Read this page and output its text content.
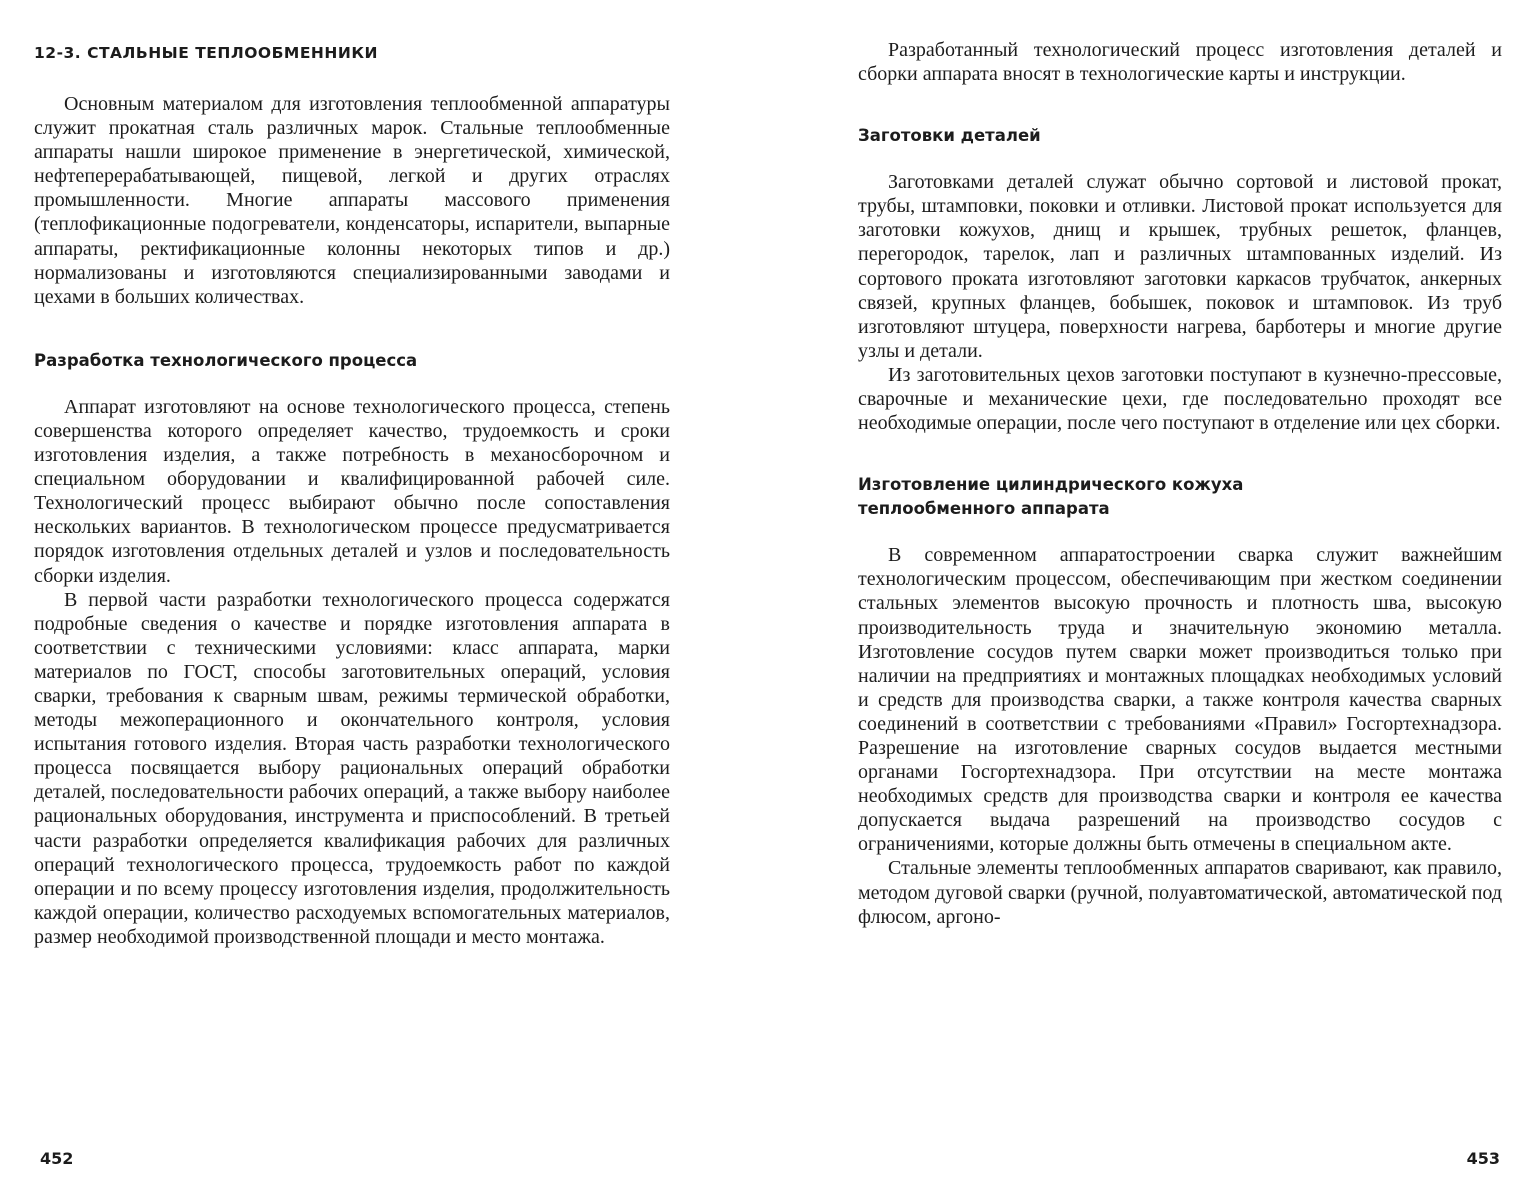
12-3. СТАЛЬНЫЕ ТЕПЛООБМЕННИКИ

Основным материалом для изготовления теплообменной аппаратуры служит прокатная сталь различных марок. Стальные теплообменные аппараты нашли широкое применение в энергетической, химической, нефтеперерабатывающей, пищевой, легкой и других отраслях промышленности. Многие аппараты массового применения (теплофикационные подогреватели, конденсаторы, испарители, выпарные аппараты, ректификационные колонны некоторых типов и др.) нормализованы и изготовляются специализированными заводами и цехами в больших количествах.

Разработка технологического процесса

Аппарат изготовляют на основе технологического процесса, степень совершенства которого определяет качество, трудоемкость и сроки изготовления изделия, а также потребность в механосборочном и специальном оборудовании и квалифицированной рабочей силе. Технологический процесс выбирают обычно после сопоставления нескольких вариантов. В технологическом процессе предусматривается порядок изготовления отдельных деталей и узлов и последовательность сборки изделия.

В первой части разработки технологического процесса содержатся подробные сведения о качестве и порядке изготовления аппарата в соответствии с техническими условиями: класс аппарата, марки материалов по ГОСТ, способы заготовительных операций, условия сварки, требования к сварным швам, режимы термической обработки, методы межоперационного и окончательного контроля, условия испытания готового изделия. Вторая часть разработки технологического процесса посвящается выбору рациональных операций обработки деталей, последовательности рабочих операций, а также выбору наиболее рациональных оборудования, инструмента и приспособлений. В третьей части разработки определяется квалификация рабочих для различных операций технологического процесса, трудоемкость работ по каждой операции и по всему процессу изготовления изделия, продолжительность каждой операции, количество расходуемых вспомогательных материалов, размер необходимой производственной площади и место монтажа.

452

Разработанный технологический процесс изготовления деталей и сборки аппарата вносят в технологические карты и инструкции.

Заготовки деталей

Заготовками деталей служат обычно сортовой и листовой прокат, трубы, штамповки, поковки и отливки. Листовой прокат используется для заготовки кожухов, днищ и крышек, трубных решеток, фланцев, перегородок, тарелок, лап и различных штампованных изделий. Из сортового проката изготовляют заготовки каркасов трубчаток, анкерных связей, крупных фланцев, бобышек, поковок и штамповок. Из труб изготовляют штуцера, поверхности нагрева, барботеры и многие другие узлы и детали.

Из заготовительных цехов заготовки поступают в кузнечно-прессовые, сварочные и механические цехи, где последовательно проходят все необходимые операции, после чего поступают в отделение или цех сборки.

Изготовление цилиндрического кожуха
теплообменного аппарата

В современном аппаратостроении сварка служит важнейшим технологическим процессом, обеспечивающим при жестком соединении стальных элементов высокую прочность и плотность шва, высокую производительность труда и значительную экономию металла. Изготовление сосудов путем сварки может производиться только при наличии на предприятиях и монтажных площадках необходимых условий и средств для производства сварки, а также контроля качества сварных соединений в соответствии с требованиями «Правил» Госгортехнадзора. Разрешение на изготовление сварных сосудов выдается местными органами Госгортехнадзора. При отсутствии на месте монтажа необходимых средств для производства сварки и контроля ее качества допускается выдача разрешений на производство сосудов с ограничениями, которые должны быть отмечены в специальном акте.

Стальные элементы теплообменных аппаратов сваривают, как правило, методом дуговой сварки (ручной, полуавтоматической, автоматической под флюсом, аргоно-

453
